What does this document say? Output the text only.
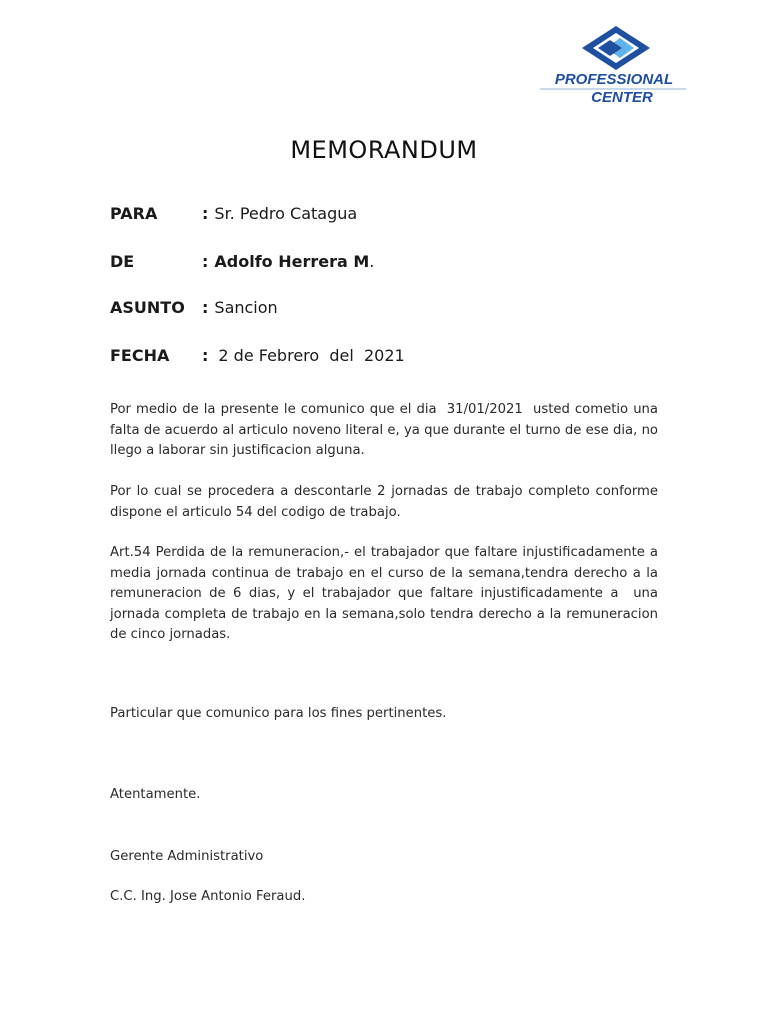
PROFESSIONAL
CENTER
MEMORANDUM
PARA	: Sr. Pedro Catagua
DE	: Adolfo Herrera M.
ASUNTO : Sancion
FECHA : 2 de Febrero  del  2021
Por medio de la presente le comunico que el dia  31/01/2021  usted cometio una falta de acuerdo al articulo noveno literal e, ya que durante el turno de ese dia, no llego a laborar sin justificacion alguna.
Por lo cual se procedera a descontarle 2 jornadas de trabajo completo conforme dispone el articulo 54 del codigo de trabajo.
Art.54 Perdida de la remuneracion,- el trabajador que faltare injustificadamente a media jornada continua de trabajo en el curso de la semana,tendra derecho a la remuneracion de 6 dias, y el trabajador que faltare injustificadamente a  una jornada completa de trabajo en la semana,solo tendra derecho a la remuneracion de cinco jornadas.
Particular que comunico para los fines pertinentes.
Atentamente.
Gerente Administrativo
C.C. Ing. Jose Antonio Feraud.
